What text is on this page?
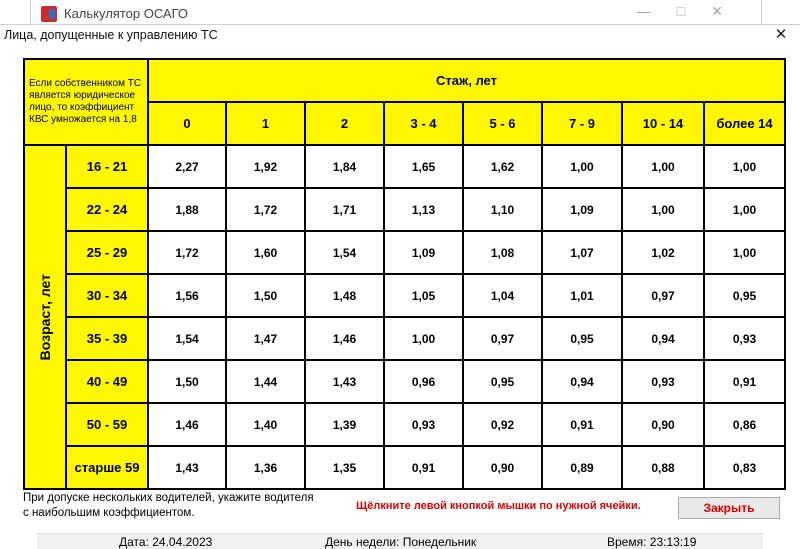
Калькулятор ОСАГО	—□✕
Лица, допущенные к управлению ТС	✕
Если собственником ТС является юридическое лицо, то коэффициент КВС умножается на 1,8
Стаж, лет
0	1	2	3 - 4	5 - 6	7 - 9	10 - 14	более 14
Возраст, лет
16 - 21	2,27	1,92	1,84	1,65	1,62	1,00	1,00	1,00
22 - 24	1,88	1,72	1,71	1,13	1,10	1,09	1,00	1,00
25 - 29	1,72	1,60	1,54	1,09	1,08	1,07	1,02	1,00
30 - 34	1,56	1,50	1,48	1,05	1,04	1,01	0,97	0,95
35 - 39	1,54	1,47	1,46	1,00	0,97	0,95	0,94	0,93
40 - 49	1,50	1,44	1,43	0,96	0,95	0,94	0,93	0,91
50 - 59	1,46	1,40	1,39	0,93	0,92	0,91	0,90	0,86
старше 59	1,43	1,36	1,35	0,91	0,90	0,89	0,88	0,83
При допуске нескольких водителей, укажите водителя
с наибольшим коэффициентом.
Щёлкните левой кнопкой мышки по нужной ячейки.	Закрыть
Дата: 24.04.2023	День недели: Понедельник	Время: 23:13:19
